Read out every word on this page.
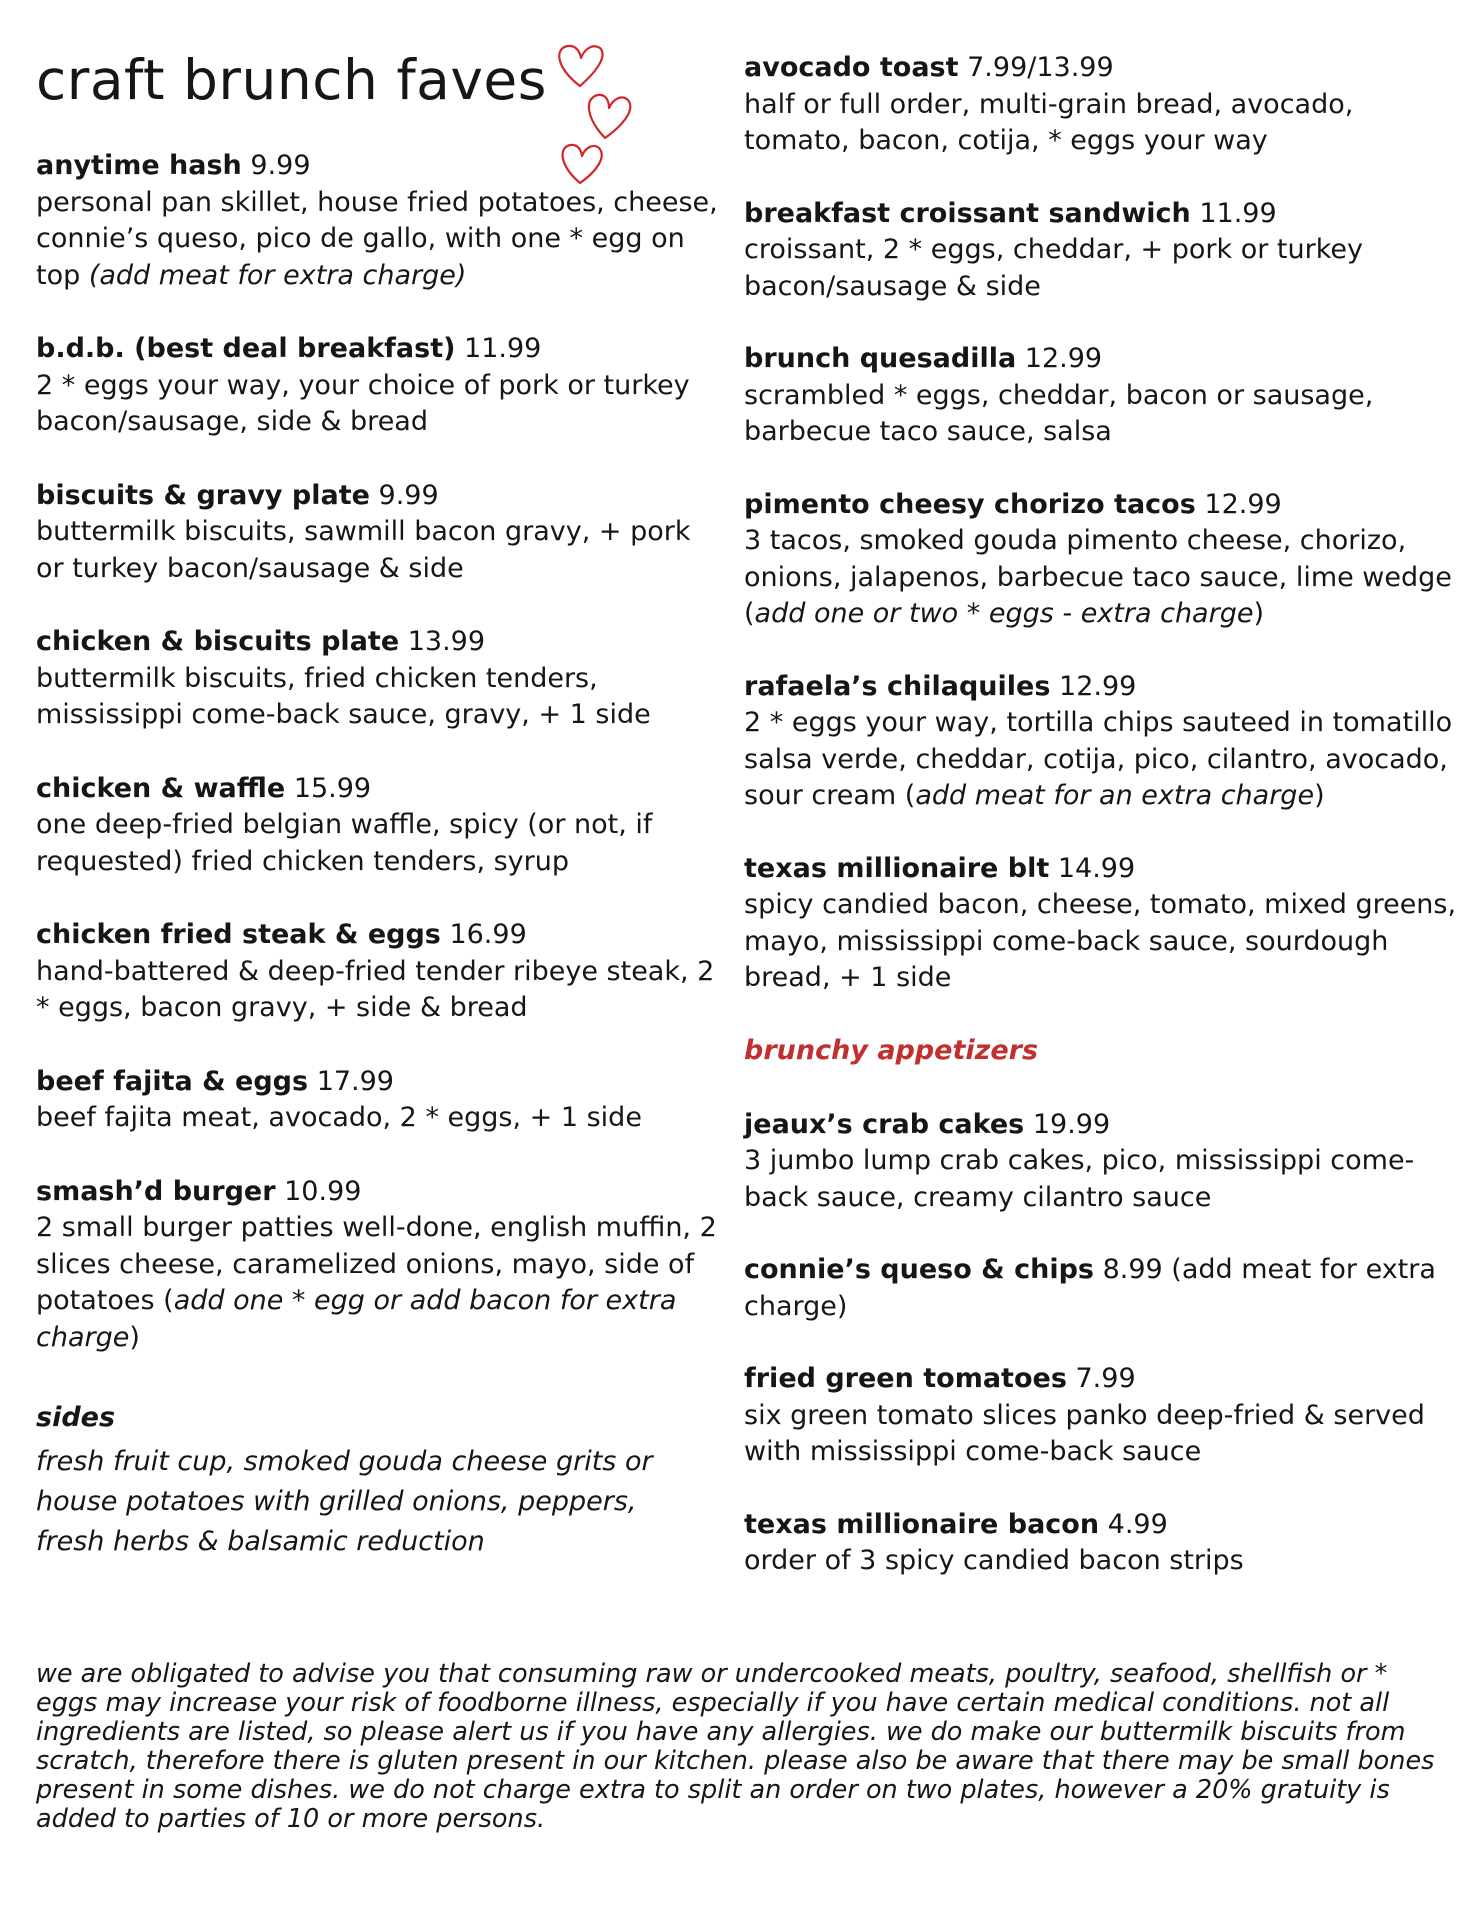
craft brunch faves
anytime hash 9.99
personal pan skillet, house fried potatoes, cheese, connie’s queso, pico de gallo, with one * egg on top (add meat for extra charge)
b.d.b. (best deal breakfast) 11.99
2 * eggs your way, your choice of pork or turkey bacon/sausage, side & bread
biscuits & gravy plate 9.99
buttermilk biscuits, sawmill bacon gravy, + pork or turkey bacon/sausage & side
chicken & biscuits plate 13.99
buttermilk biscuits, fried chicken tenders, mississippi come-back sauce, gravy, + 1 side
chicken & waffle 15.99
one deep-fried belgian waffle, spicy (or not, if requested) fried chicken tenders, syrup
chicken fried steak & eggs 16.99
hand-battered & deep-fried tender ribeye steak, 2 * eggs, bacon gravy, + side & bread
beef fajita & eggs 17.99
beef fajita meat, avocado, 2 * eggs, + 1 side
smash’d burger 10.99
2 small burger patties well-done, english muffin, 2 slices cheese, caramelized onions, mayo, side of potatoes (add one * egg or add bacon for extra charge)
sides

fresh fruit cup, smoked gouda cheese grits or house potatoes with grilled onions, peppers, fresh herbs & balsamic reduction

avocado toast 7.99/13.99
half or full order, multi-grain bread, avocado, tomato, bacon, cotija, * eggs your way
breakfast croissant sandwich 11.99
croissant, 2 * eggs, cheddar, + pork or turkey bacon/sausage & side
brunch quesadilla 12.99
scrambled * eggs, cheddar, bacon or sausage, barbecue taco sauce, salsa
pimento cheesy chorizo tacos 12.99
3 tacos, smoked gouda pimento cheese, chorizo, onions, jalapenos, barbecue taco sauce, lime wedge (add one or two * eggs - extra charge)
rafaela’s chilaquiles 12.99
2 * eggs your way, tortilla chips sauteed in tomatillo salsa verde, cheddar, cotija, pico, cilantro, avocado, sour cream (add meat for an extra charge)
texas millionaire blt 14.99
spicy candied bacon, cheese, tomato, mixed greens, mayo, mississippi come-back sauce, sourdough bread, + 1 side
brunchy appetizers
jeaux’s crab cakes 19.99
3 jumbo lump crab cakes, pico, mississippi come-back sauce, creamy cilantro sauce
connie’s queso & chips 8.99 (add meat for extra charge)
fried green tomatoes 7.99
six green tomato slices panko deep-fried & served with mississippi come-back sauce
texas millionaire bacon 4.99
order of 3 spicy candied bacon strips

we are obligated to advise you that consuming raw or undercooked meats, poultry, seafood, shellfish or * eggs may increase your risk of foodborne illness, especially if you have certain medical conditions. not all ingredients are listed, so please alert us if you have any allergies. we do make our buttermilk biscuits from scratch, therefore there is gluten present in our kitchen. please also be aware that there may be small bones present in some dishes. we do not charge extra to split an order on two plates, however a 20% gratuity is added to parties of 10 or more persons.
